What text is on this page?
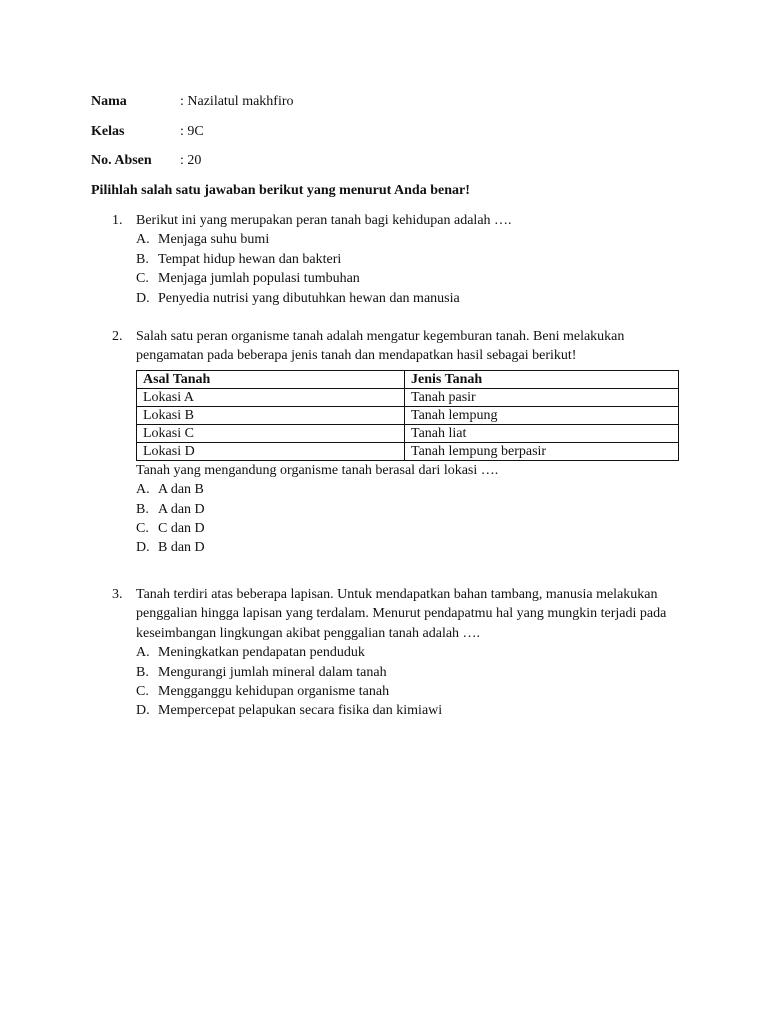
Nama	: Nazilatul makhfiro
Kelas	: 9C
No. Absen : 20
Pilihlah salah satu jawaban berikut yang menurut Anda benar!
1. Berikut ini yang merupakan peran tanah bagi kehidupan adalah ….
A. Menjaga suhu bumi
B. Tempat hidup hewan dan bakteri
C. Menjaga jumlah populasi tumbuhan
D. Penyedia nutrisi yang dibutuhkan hewan dan manusia
2. Salah satu peran organisme tanah adalah mengatur kegemburan tanah. Beni melakukan pengamatan pada beberapa jenis tanah dan mendapatkan hasil sebagai berikut!
Asal Tanah	Jenis Tanah
Lokasi A	Tanah pasir
Lokasi B	Tanah lempung
Lokasi C	Tanah liat
Lokasi D	Tanah lempung berpasir
Tanah yang mengandung organisme tanah berasal dari lokasi ….
A. A dan B
B. A dan D
C. C dan D
D. B dan D
3. Tanah terdiri atas beberapa lapisan. Untuk mendapatkan bahan tambang, manusia melakukan penggalian hingga lapisan yang terdalam. Menurut pendapatmu hal yang mungkin terjadi pada keseimbangan lingkungan akibat penggalian tanah adalah ….
A. Meningkatkan pendapatan penduduk
B. Mengurangi jumlah mineral dalam tanah
C. Mengganggu kehidupan organisme tanah
D. Mempercepat pelapukan secara fisika dan kimiawi
